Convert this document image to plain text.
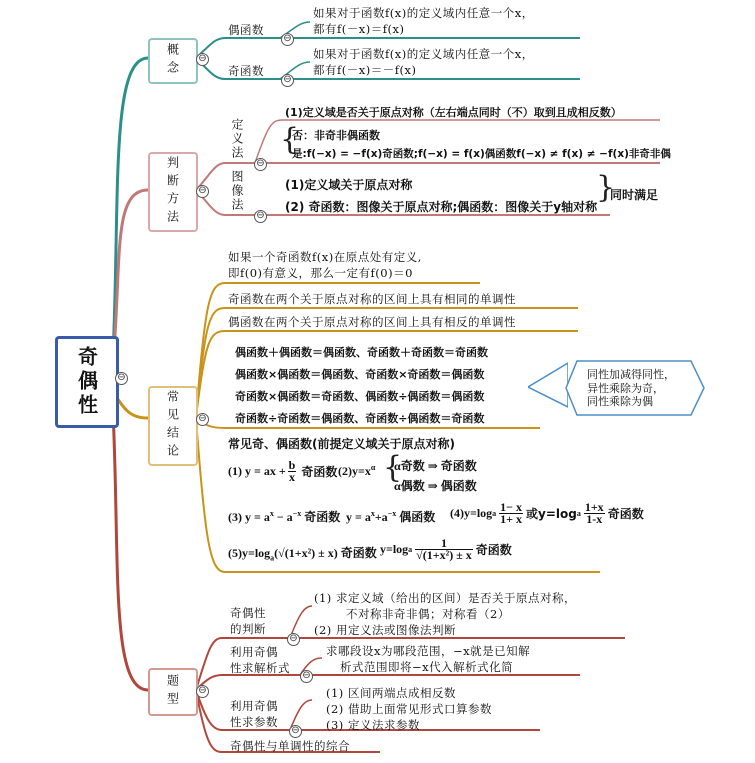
奇偶性	⊖
概念 ⊖
偶函数
⊖
如果对于函数f(x)的定义域内任意一个x，
都有f(－x)＝f(x)
奇函数
⊖
如果对于函数f(x)的定义域内任意一个x，
都有f(－x)＝－f(x)
判断方法 ⊖
定义法
⊖
(1)定义域是否关于原点对称（左右端点同时（不）取到且成相反数）
{
否：非奇非偶函数
是:f(−x) = −f(x)奇函数;f(−x) = f(x)偶函数f(−x) ≠ f(x) ≠ −f(x)非奇非偶
图像法
⊖
(1)定义域关于原点对称
(2) 奇函数：图像关于原点对称;偶函数：图像关于y轴对称
}
同时满足
常见结论 ⊖
如果一个奇函数f(x)在原点处有定义,
即f(0)有意义，那么一定有f(0)＝0
奇函数在两个关于原点对称的区间上具有相同的单调性
偶函数在两个关于原点对称的区间上具有相反的单调性
偶函数＋偶函数＝偶函数、奇函数＋奇函数＝奇函数
偶函数×偶函数＝偶函数、奇函数×奇函数＝偶函数
奇函数×偶函数＝奇函数、偶函数÷偶函数＝偶函数
奇函数÷奇函数＝偶函数、奇函数÷偶函数＝奇函数
同性加减得同性，
异性乘除为奇，
同性乘除为偶
常见奇、偶函数(前提定义域关于原点对称)
(1) y = ax + $\frac{b}{x}$ 奇函数 $(2)y=x^\alpha$ {
α奇数 ⇒ 奇函数
α偶数 ⇒ 偶函数
(3) $y = a^x - a^{-x}$ 奇函数 $y = a^x+a^{-x}$ 偶函数 (4)y=log a $\frac{1- x}{1+ x}$ 或y=log a $\frac{1+x}{1-x}$ 奇函数
$(5)y=\log_a(√(1+x^2) \pm x)$ 奇函数 y=log a $\frac{1}{\text{√(1+x²) ± x}}$ 奇函数
题型 ⊖
奇偶性
的判断
⊖
(1) 求定义域（给出的区间）是否关于原点对称，
不对称非奇非偶；对称看（2）
(2) 用定义法或图像法判断
利用奇偶
性求解析式
⊖
求哪段设x为哪段范围，−x就是已知解
析式范围即将−x代入解析式化简
利用奇偶
性求参数
⊖
(1) 区间两端点成相反数
(2) 借助上面常见形式口算参数
(3) 定义法求参数
奇偶性与单调性的综合
